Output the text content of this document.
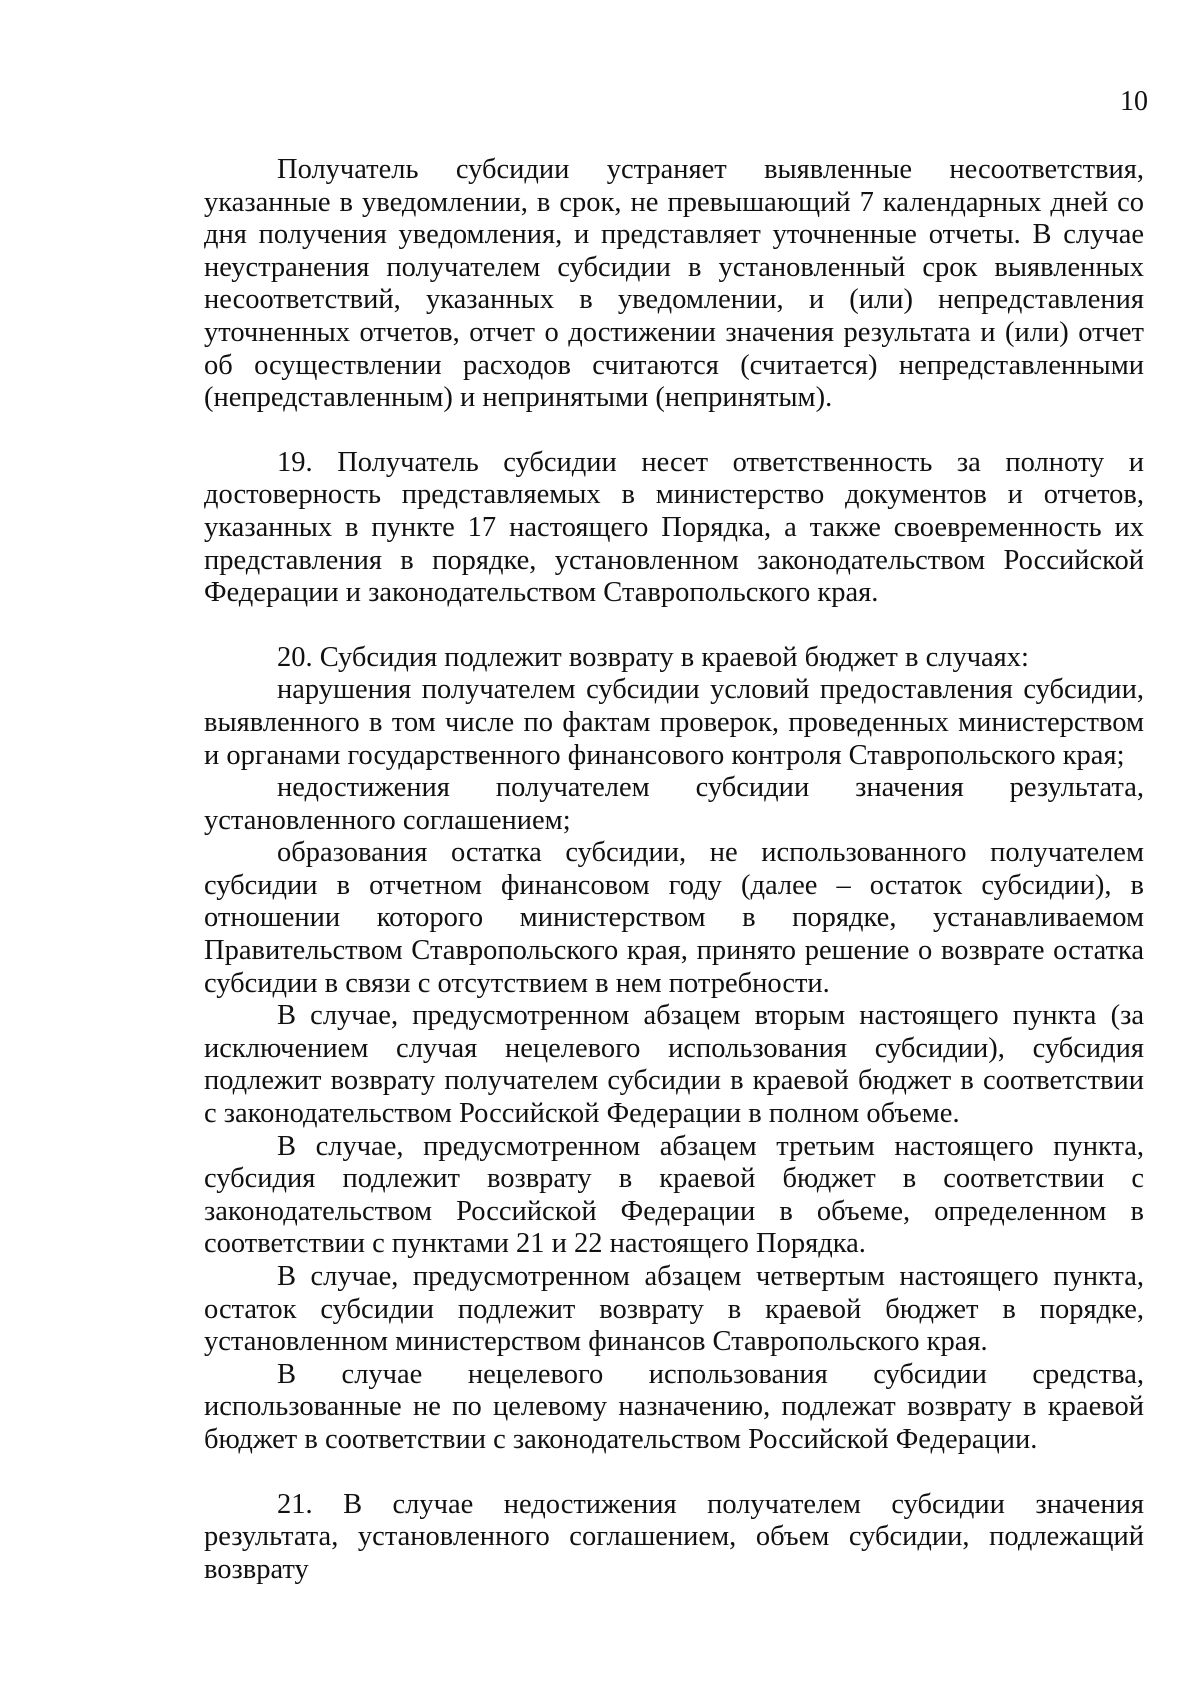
10

Получатель субсидии устраняет выявленные несоответствия, указанные в уведомлении, в срок, не превышающий 7 календарных дней со дня получения уведомления, и представляет уточненные отчеты. В случае неустранения получателем субсидии в установленный срок выявленных несоответствий, указанных в уведомлении, и (или) непредставления уточненных отчетов, отчет о достижении значения результата и (или) отчет об осуществлении расходов считаются (считается) непредставленными (непредставленным) и непринятыми (непринятым).

19. Получатель субсидии несет ответственность за полноту и достоверность представляемых в министерство документов и отчетов, указанных в пункте 17 настоящего Порядка, а также своевременность их представления в порядке, установленном законодательством Российской Федерации и законодательством Ставропольского края.

20. Субсидия подлежит возврату в краевой бюджет в случаях:

нарушения получателем субсидии условий предоставления субсидии, выявленного в том числе по фактам проверок, проведенных министерством и органами государственного финансового контроля Ставропольского края;

недостижения получателем субсидии значения результата, установленного соглашением;

образования остатка субсидии, не использованного получателем субсидии в отчетном финансовом году (далее – остаток субсидии), в отношении которого министерством в порядке, устанавливаемом Правительством Ставропольского края, принято решение о возврате остатка субсидии в связи с отсутствием в нем потребности.

В случае, предусмотренном абзацем вторым настоящего пункта (за исключением случая нецелевого использования субсидии), субсидия подлежит возврату получателем субсидии в краевой бюджет в соответствии с законодательством Российской Федерации в полном объеме.

В случае, предусмотренном абзацем третьим настоящего пункта, субсидия подлежит возврату в краевой бюджет в соответствии с законодательством Российской Федерации в объеме, определенном в соответствии с пунктами 21 и 22 настоящего Порядка.

В случае, предусмотренном абзацем четвертым настоящего пункта, остаток субсидии подлежит возврату в краевой бюджет в порядке, установленном министерством финансов Ставропольского края.

В случае нецелевого использования субсидии средства, использованные не по целевому назначению, подлежат возврату в краевой бюджет в соответствии с законодательством Российской Федерации.

21. В случае недостижения получателем субсидии значения результата, установленного соглашением, объем субсидии, подлежащий возврату
